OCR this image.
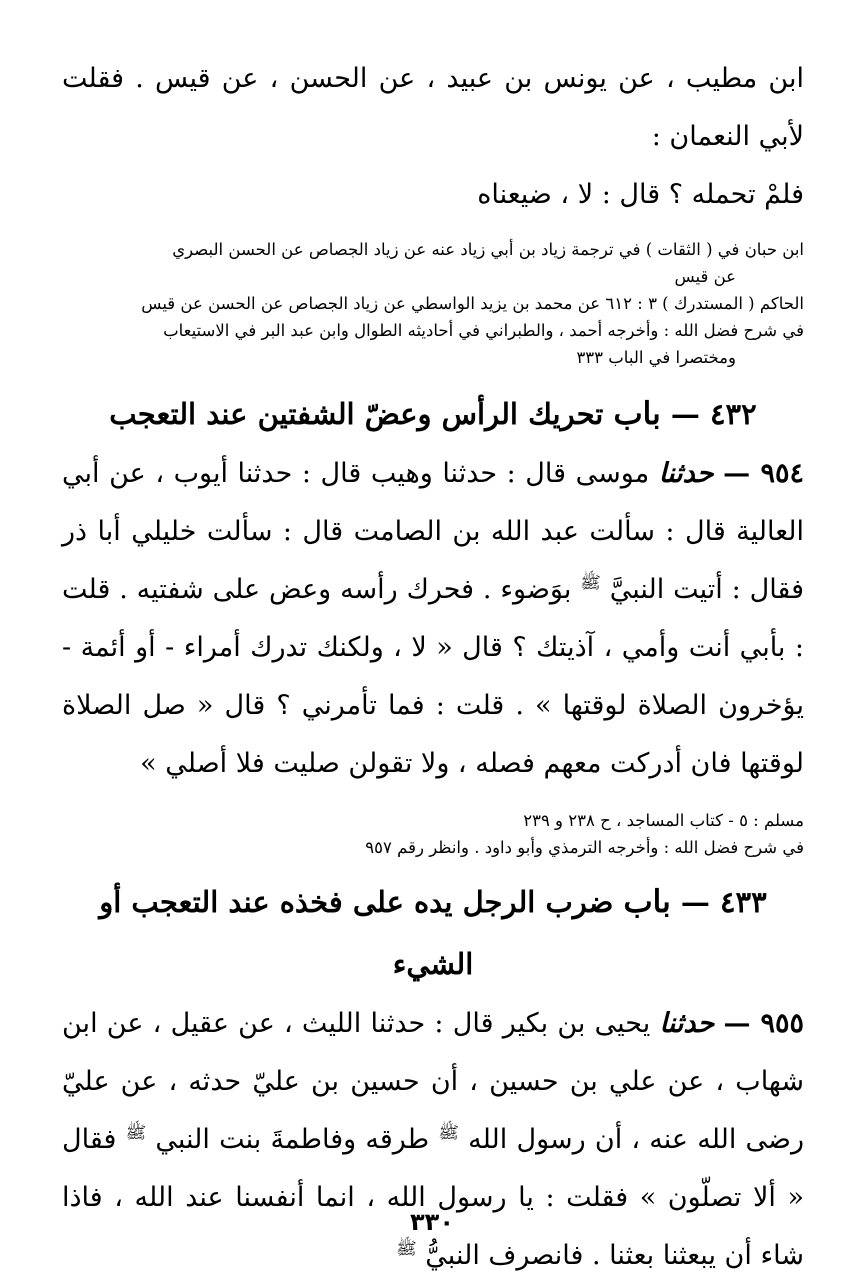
ابن مطيب ، عن يونس بن عبيد ، عن الحسن ، عن قيس . فقلت لأبي النعمان :
فلمْ تحمله ؟ قال : لا ، ضيعناه

ابن حبان في ( الثقات ) في ترجمة زياد بن أبي زياد عنه عن زياد الجصاص عن الحسن البصري
عن قيس
الحاكم ( المستدرك ) ٣ : ٦١٢ عن محمد بن يزيد الواسطي عن زياد الجصاص عن الحسن عن قيس
في شرح فضل الله : وأخرجه أحمد ، والطبراني في أحاديثه الطوال وابن عبد البر في الاستيعاب
ومختصرا في الباب ٣٣٣

٤٣٢ — باب تحريك الرأس وعضّ الشفتين عند التعجب

٩٥٤ — حدثنا موسى قال : حدثنا وهيب قال : حدثنا أيوب ، عن أبي العالية قال : سألت عبد الله بن الصامت قال : سألت خليلي أبا ذر فقال : أتيت النبيَّ $^ﷺ$ بوَضوء . فحرك رأسه وعض على شفتيه . قلت : بأبي أنت وأمي ، آذيتك ؟ قال « لا ، ولكنك تدرك أمراء - أو أئمة - يؤخرون الصلاة لوقتها » . قلت : فما تأمرني ؟ قال « صل الصلاة لوقتها فان أدركت معهم فصله ، ولا تقولن صليت فلا أصلي »

مسلم : ٥ - كتاب المساجد ، ح ٢٣٨ و ٢٣٩
في شرح فضل الله : وأخرجه الترمذي وأبو داود . وانظر رقم ٩٥٧

٤٣٣ — باب ضرب الرجل يده على فخذه عند التعجب أو الشيء

٩٥٥ — حدثنا يحيى بن بكير قال : حدثنا الليث ، عن عقيل ، عن ابن شهاب ، عن علي بن حسين ، أن حسين بن عليّ حدثه ، عن عليّ رضى الله عنه ، أن رسول الله $^ﷺ$ طرقه وفاطمةَ بنت النبي $^ﷺ$ فقال « ألا تصلّون » فقلت : يا رسول الله ، انما أنفسنا عند الله ، فاذا شاء أن يبعثنا بعثنا . فانصرف النبيُّ $^ﷺ$

٣٣٠
